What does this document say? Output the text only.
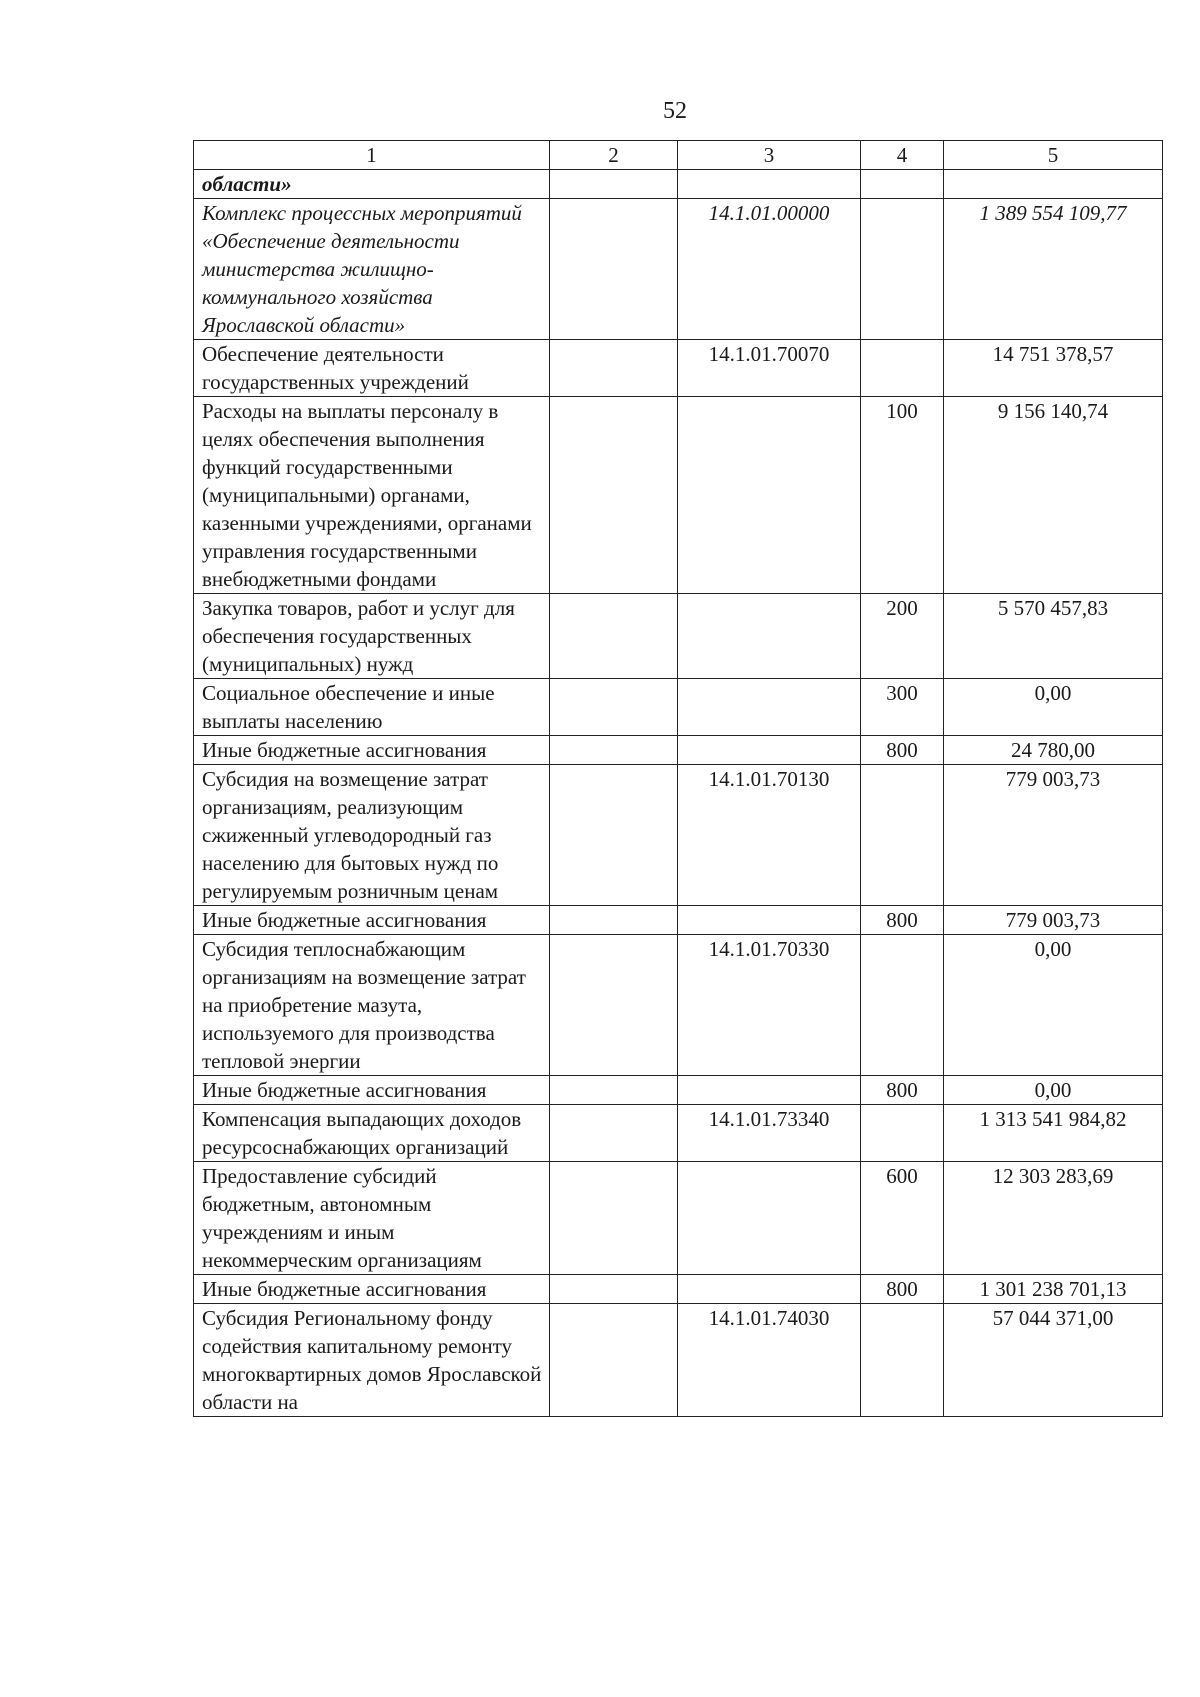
52
1	2	3	4	5
области»				
Комплекс процессных мероприятий «Обеспечение деятельности министерства жилищно-коммунального хозяйства Ярославской области»		14.1.01.00000		1 389 554 109,77
Обеспечение деятельности государственных учреждений		14.1.01.70070		14 751 378,57
Расходы на выплаты персоналу в целях обеспечения выполнения функций государственными (муниципальными) органами, казенными учреждениями, органами управления государственными внебюджетными фондами			100	9 156 140,74
Закупка товаров, работ и услуг для обеспечения государственных (муниципальных) нужд			200	5 570 457,83
Социальное обеспечение и иные выплаты населению			300	0,00
Иные бюджетные ассигнования			800	24 780,00
Субсидия на возмещение затрат организациям, реализующим сжиженный углеводородный газ населению для бытовых нужд по регулируемым розничным ценам		14.1.01.70130		779 003,73
Иные бюджетные ассигнования			800	779 003,73
Субсидия теплоснабжающим организациям на возмещение затрат на приобретение мазута, используемого для производства тепловой энергии		14.1.01.70330		0,00
Иные бюджетные ассигнования			800	0,00
Компенсация выпадающих доходов ресурсоснабжающих организаций		14.1.01.73340		1 313 541 984,82
Предоставление субсидий бюджетным, автономным учреждениям и иным некоммерческим организациям			600	12 303 283,69
Иные бюджетные ассигнования			800	1 301 238 701,13
Субсидия Региональному фонду содействия капитальному ремонту многоквартирных домов Ярославской области на		14.1.01.74030		57 044 371,00
